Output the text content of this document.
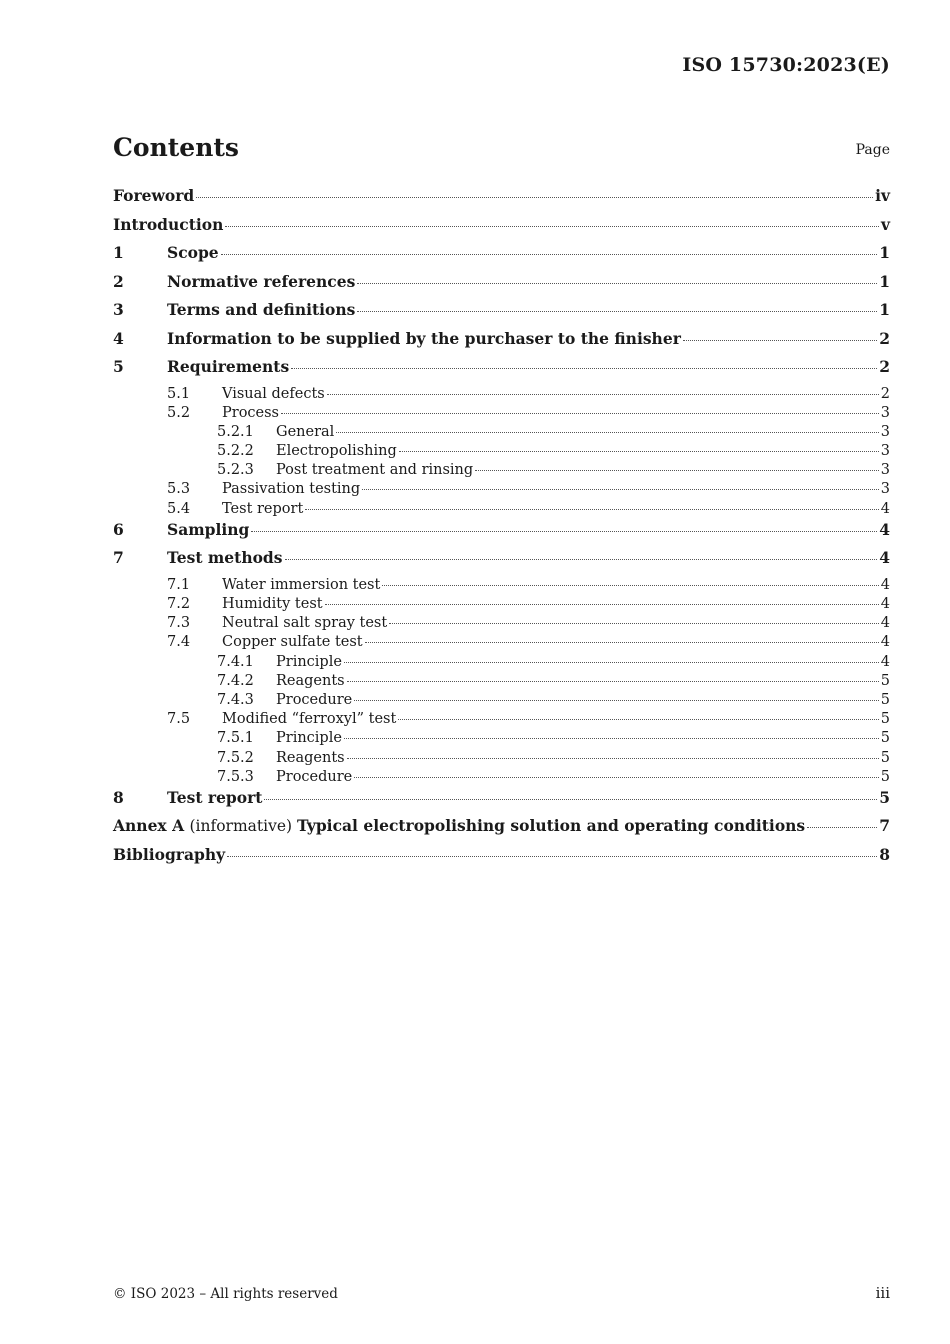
ISO 15730:2023(E)
Contents	Page
Foreword	iv
Introduction	v
1	Scope	1
2	Normative references	1
3	Terms and definitions	1
4	Information to be supplied by the purchaser to the finisher	2
5	Requirements	2
5.1	Visual defects	2
5.2	Process	3
5.2.1	General	3
5.2.2	Electropolishing	3
5.2.3	Post treatment and rinsing	3
5.3	Passivation testing	3
5.4	Test report	4
6	Sampling	4
7	Test methods	4
7.1	Water immersion test	4
7.2	Humidity test	4
7.3	Neutral salt spray test	4
7.4	Copper sulfate test	4
7.4.1	Principle	4
7.4.2	Reagents	5
7.4.3	Procedure	5
7.5	Modified “ferroxyl” test	5
7.5.1	Principle	5
7.5.2	Reagents	5
7.5.3	Procedure	5
8	Test report	5
Annex A (informative) Typical electropolishing solution and operating conditions	7
Bibliography	8
© ISO 2023 – All rights reserved	iii
